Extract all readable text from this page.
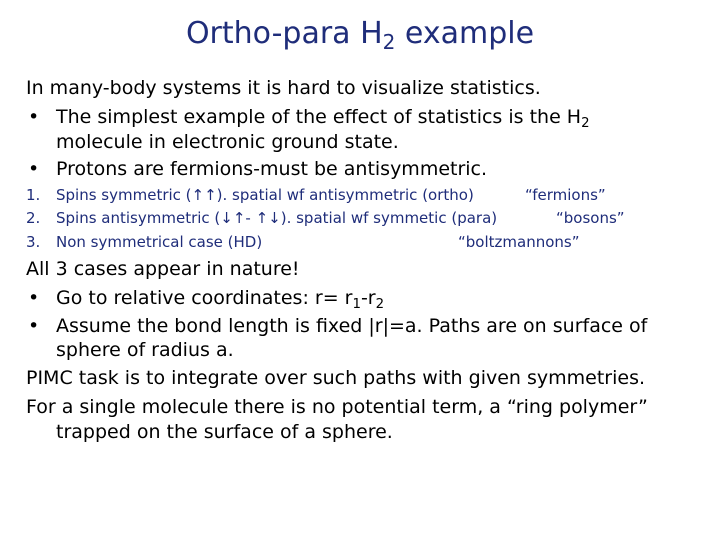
Ortho-para $H_2$ example
In many-body systems it is hard to visualize statistics.
• The simplest example of the effect of statistics is the $H_2$
molecule in electronic ground state.
• Protons are fermions-must be antisymmetric.
1. Spins symmetric (↑↑). spatial wf antisymmetric (ortho)	“fermions”
2. Spins antisymmetric (↓↑- ↑↓). spatial wf symmetic (para)	“bosons”
3. Non symmetrical case (HD)	“boltzmannons”
All 3 cases appear in nature!
• Go to relative coordinates: $r= r_1-r_2$
• Assume the bond length is fixed |r|=a. Paths are on surface of
sphere of radius a.
PIMC task is to integrate over such paths with given symmetries.
For a single molecule there is no potential term, a “ring polymer”
trapped on the surface of a sphere.
